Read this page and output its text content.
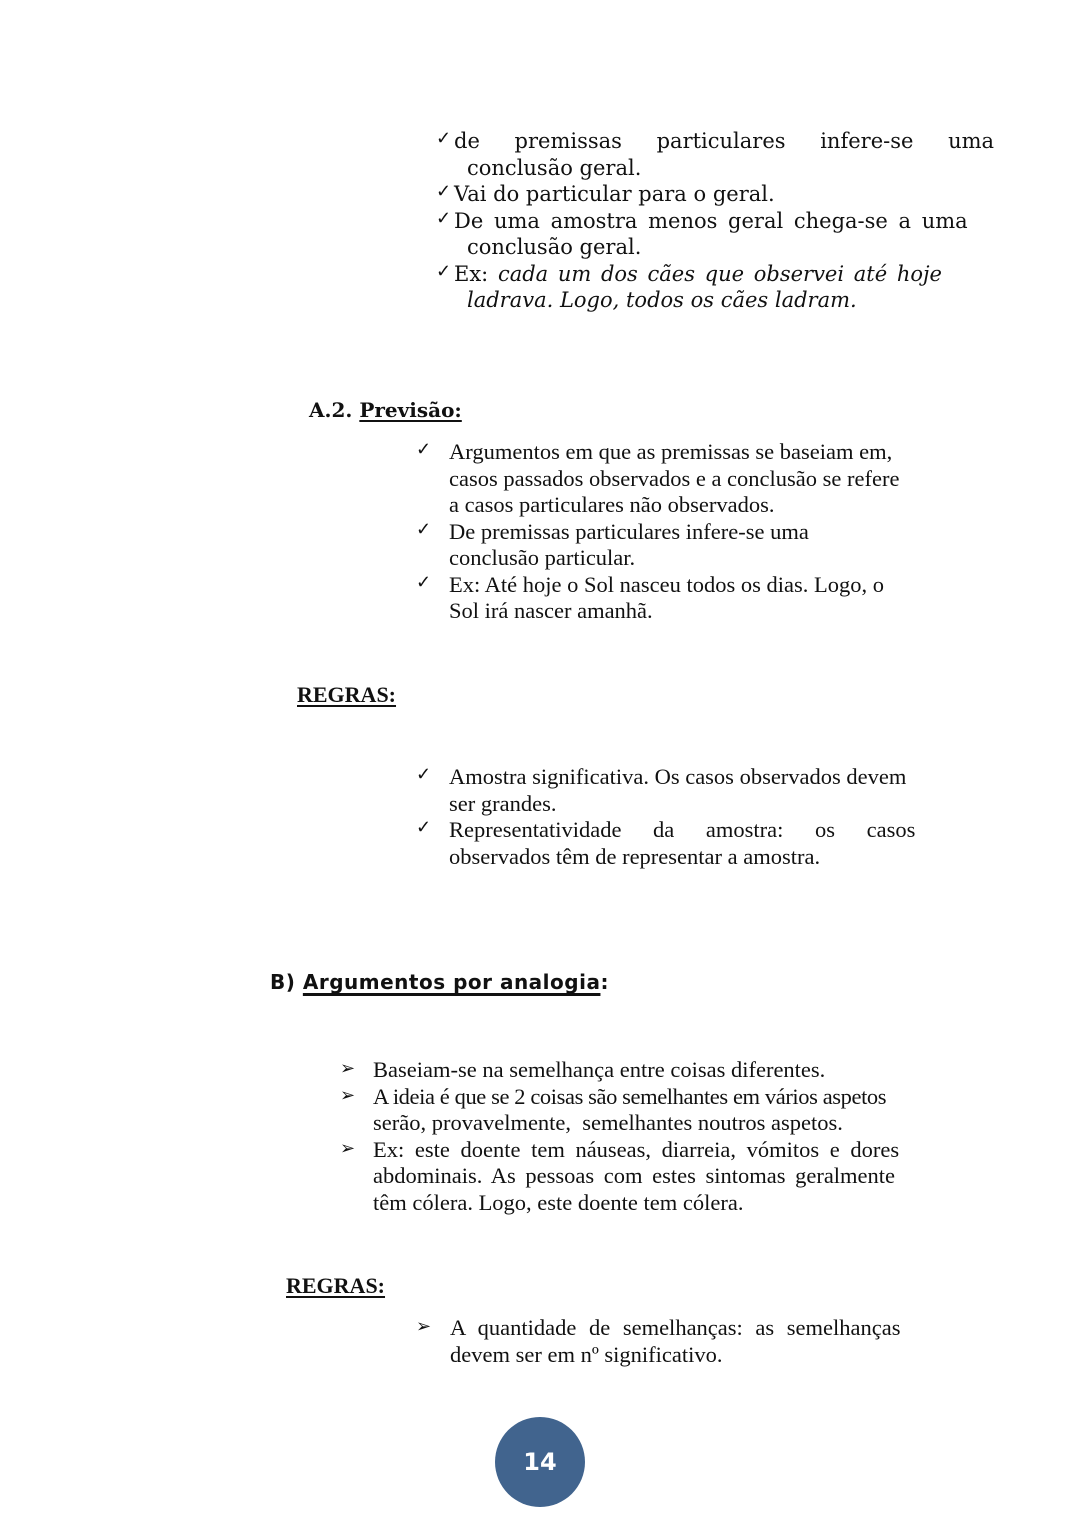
✓ de premissas particulares infere-se uma
conclusão geral.
✓ Vai do particular para o geral.
✓ De uma amostra menos geral chega-se a uma
conclusão geral.
✓ Ex: cada um dos cães que observei até hoje
ladrava. Logo, todos os cães ladram.
A.2. Previsão:
✓ Argumentos em que as premissas se baseiam em,
casos passados observados e a conclusão se refere
a casos particulares não observados.
✓ De premissas particulares infere-se uma
conclusão particular.
✓ Ex: Até hoje o Sol nasceu todos os dias. Logo, o
Sol irá nascer amanhã.
REGRAS:
✓ Amostra significativa. Os casos observados devem
ser grandes.
✓ Representatividade da amostra: os casos
observados têm de representar a amostra.
B) Argumentos por analogia:
➢ Baseiam-se na semelhança entre coisas diferentes.
➢ A ideia é que se 2 coisas são semelhantes em vários aspetos
serão, provavelmente,  semelhantes noutros aspetos.
➢ Ex: este doente tem náuseas, diarreia, vómitos e dores
abdominais. As pessoas com estes sintomas geralmente
têm cólera. Logo, este doente tem cólera.
REGRAS:
➢ A quantidade de semelhanças: as semelhanças
devem ser em nº significativo.
14
